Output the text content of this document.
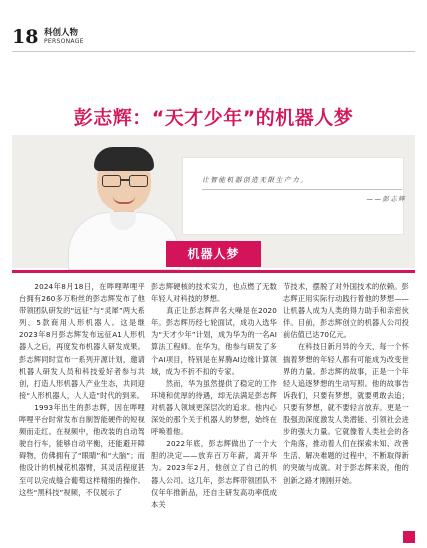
18 科创人物
PERSONAGE
彭志辉：“天才少年”的机器人梦
让智能机器创造无限生产力。
——彭志辉
机器人梦

　　2024年8月18日，在哔哩哔哩平台拥有260多万粉丝的彭志辉发布了他带领团队研发的“远征”与“灵犀”两大系列、5款商用人形机器人。这是继2023年8月彭志辉发布远征A1人形机器人之后，再度发布机器人研发成果。彭志辉同时宣布一系列开源计划，邀请机器人研发人员和科技爱好者参与共创，打造人形机器人产业生态，共同迎接“人形机器人，人人造”时代的到来。

　　1993年出生的彭志辉，因在哔哩哔哩平台时常发布自制智能硬件的短视频而走红。在视频中，他改装的自动驾驶自行车，能够自动平衡，还能避开障碍物，仿佛拥有了“眼睛”和“大脑”；而他设计的机械花机器臂，其灵活程度甚至可以完成缝合葡萄这样精细的操作。这些“黑科技”视频，不仅展示了

彭志辉硬核的技术实力，也点燃了无数年轻人对科技的梦想。

　　真正让彭志辉声名大噪是在2020年。彭志辉历经七轮面试，成功入选华为“天才少年”计划，成为华为的一名AI算法工程师。在华为，他参与研发了多个AI项目，特别是在昇腾AI边缘计算领域，成为不折不扣的专家。

　　然而，华为虽然提供了稳定的工作环境和优厚的待遇，却无法满足彭志辉对机器人领域更深层次的追求。他内心深处的那个关于机器人的梦想，始终在呼唤着他。

　　2022年底，彭志辉做出了一个大胆的决定——放弃百万年薪，离开华为。2023年2月，他创立了自己的机器人公司。这几年，彭志辉带领团队不仅年年推新品，还自主研发高功率低成本关

节技术，摆脱了对外国技术的依赖。彭志辉正用实际行动践行着他的梦想——让机器人成为人类的得力助手和亲密伙伴。目前，彭志辉创立的机器人公司投前估值已达70亿元。

　　在科技日新月异的今天，每一个怀揣着梦想的年轻人都有可能成为改变世界的力量。彭志辉的故事，正是一个年轻人追逐梦想的生动写照。他的故事告诉我们，只要有梦想，就要勇敢去追；只要有梦想，就不要轻言放弃。更是一股强劲深度激发人类潜能、引领社会进步的强大力量。它就像着人类社会的各个角落，推动着人们在探索未知、改善生活、解决难题的过程中，不断取得新的突破与成就。对于彭志辉来说，他的创新之路才刚刚开始。
